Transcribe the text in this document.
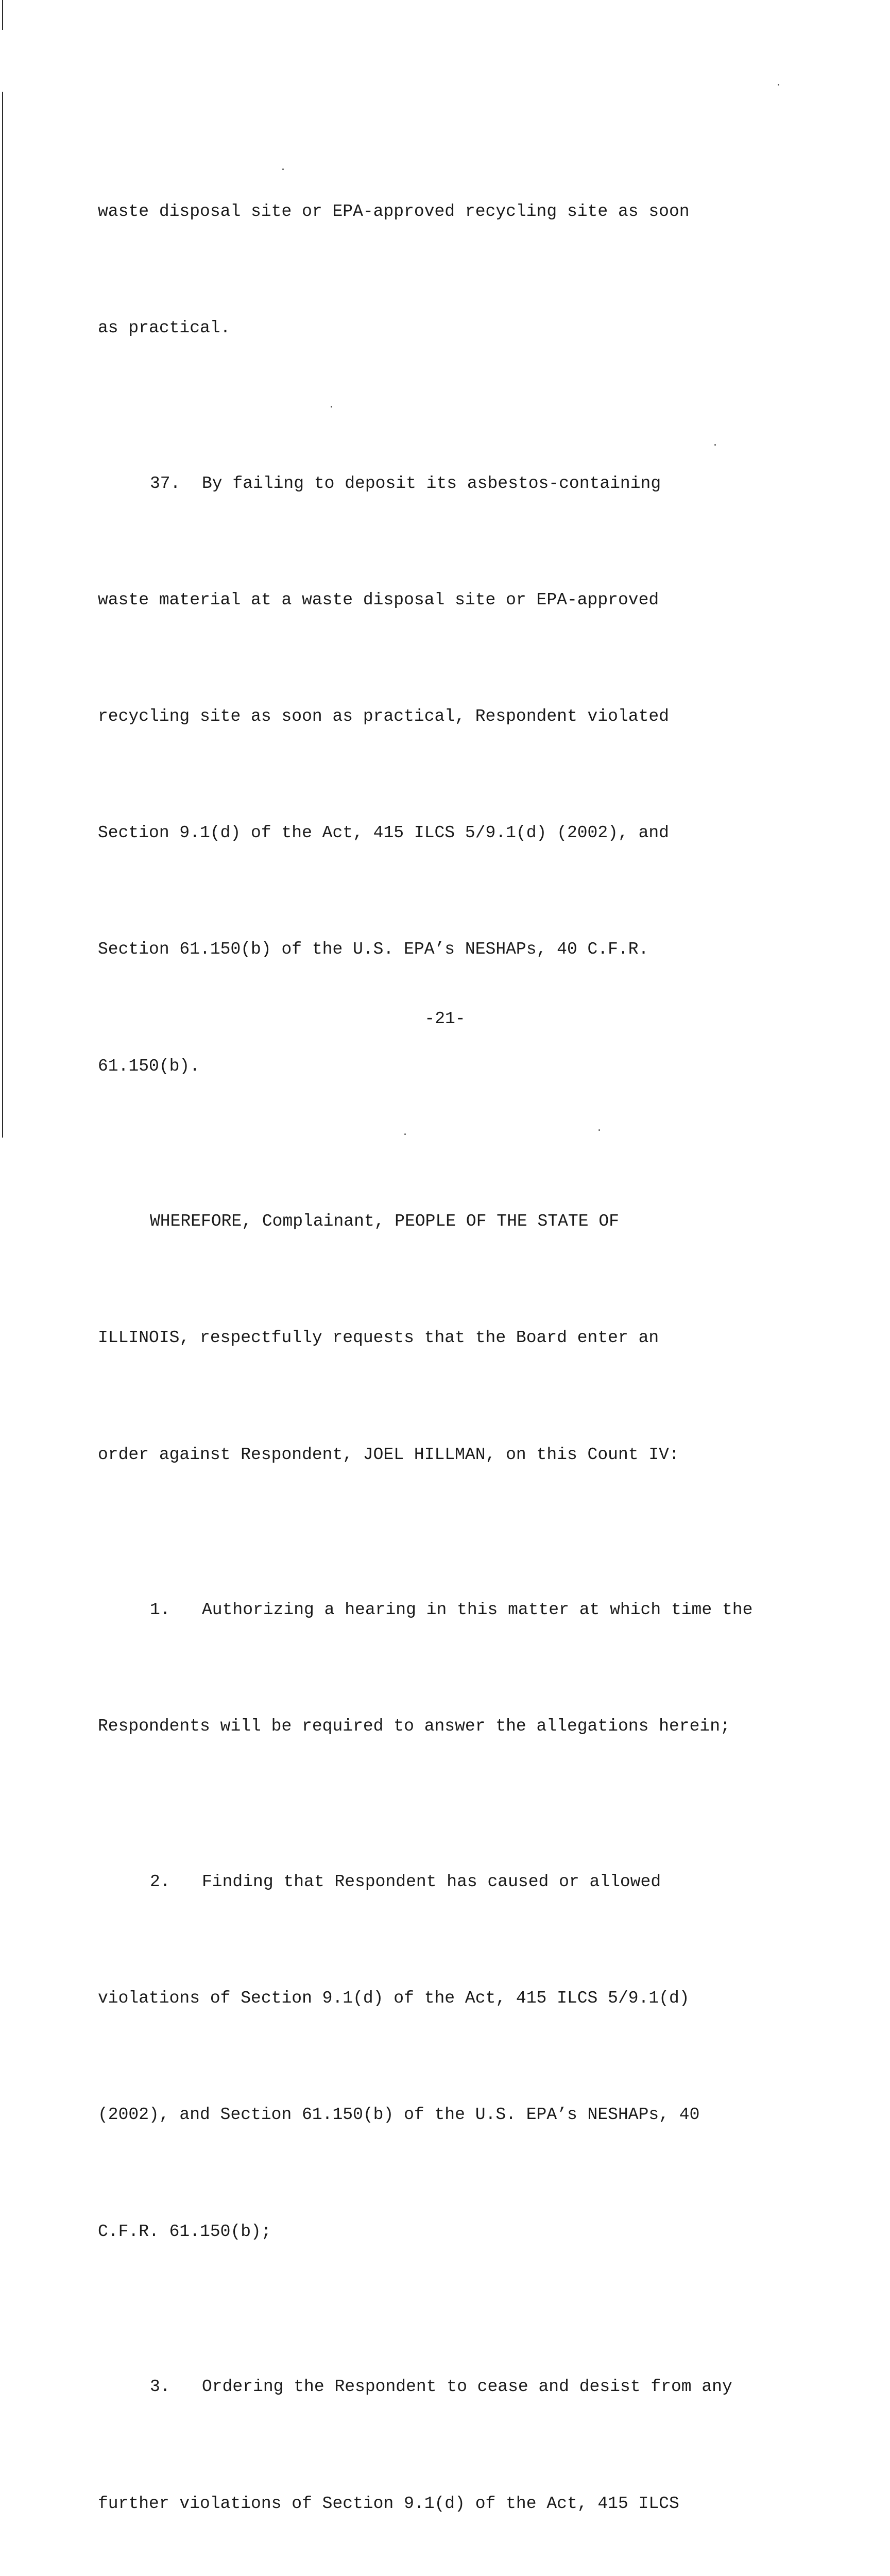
waste disposal site or EPA-approved recycling site as soon

as practical.

37. By failing to deposit its asbestos-containing

waste material at a waste disposal site or EPA-approved

recycling site as soon as practical, Respondent violated

Section 9.1(d) of the Act, 415 ILCS 5/9.1(d) (2002), and

Section 61.150(b) of the U.S. EPA’s NESHAPs, 40 C.F.R.

61.150(b).

WHEREFORE, Complainant, PEOPLE OF THE STATE OF

ILLINOIS, respectfully requests that the Board enter an

order against Respondent, JOEL HILLMAN, on this Count IV:

1. Authorizing a hearing in this matter at which time the

Respondents will be required to answer the allegations herein;

2. Finding that Respondent has caused or allowed

violations of Section 9.1(d) of the Act, 415 ILCS 5/9.1(d)

(2002), and Section 61.150(b) of the U.S. EPA’s NESHAPs, 40

C.F.R. 61.150(b);

3. Ordering the Respondent to cease and desist from any

further violations of Section 9.1(d) of the Act, 415 ILCS

-21-
